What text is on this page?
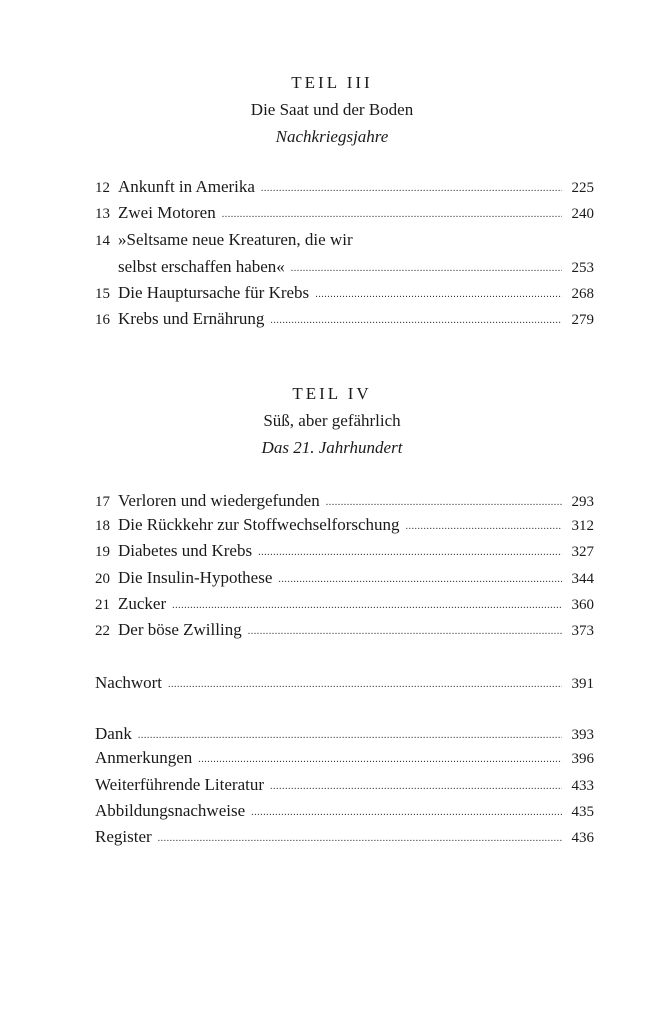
TEIL III
Die Saat und der Boden
Nachkriegsjahre
12 Ankunft in Amerika .....	225
13 Zwei Motoren .....	240
14 »Seltsame neue Kreaturen, die wir
selbst erschaffen haben« .....	253
15 Die Hauptursache für Krebs .....	268
16 Krebs und Ernährung .....	279
TEIL IV
Süß, aber gefährlich
Das 21. Jahrhundert
17 Verloren und wiedergefunden .....	293
18 Die Rückkehr zur Stoffwechselforschung .....	312
19 Diabetes und Krebs .....	327
20 Die Insulin-Hypothese .....	344
21 Zucker .....	360
22 Der böse Zwilling .....	373
Nachwort .....	391
Dank .....	393
Anmerkungen .....	396
Weiterführende Literatur .....	433
Abbildungsnachweise .....	435
Register .....	436
